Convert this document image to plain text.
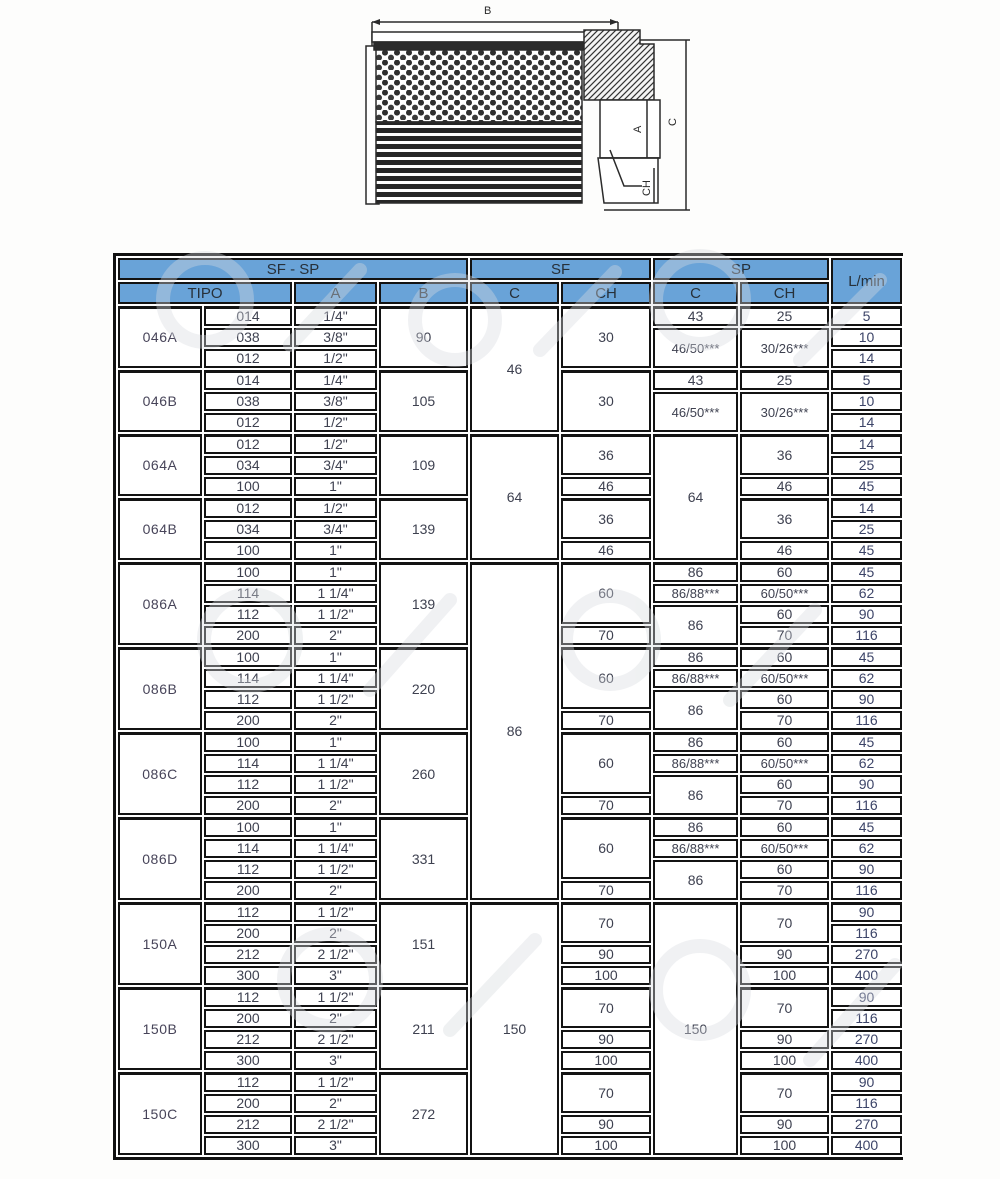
B
A
C
CH
SF - SP				SF		SP		L/min
TIPO		A	B	C	CH	C	CH	
046A	014	1/4"	90	46	30	43	25	5
	038	3/8"				46/50***	30/26***	10
	012	1/2"						14
046B	014	1/4"	105		30	43	25	5
	038	3/8"				46/50***	30/26***	10
	012	1/2"						14
064A	012	1/2"	109	64	36	64	36	14
	034	3/4"						25
	100	1"			46		46	45
064B	012	1/2"	139		36		36	14
	034	3/4"						25
	100	1"			46		46	45
086A	100	1"	139	86	60	86	60	45
	114	1 1/4"				86/88***	60/50***	62
	112	1 1/2"				86	60	90
	200	2"			70		70	116
086B	100	1"	220		60	86	60	45
	114	1 1/4"				86/88***	60/50***	62
	112	1 1/2"				86	60	90
	200	2"			70		70	116
086C	100	1"	260		60	86	60	45
	114	1 1/4"				86/88***	60/50***	62
	112	1 1/2"				86	60	90
	200	2"			70		70	116
086D	100	1"	331		60	86	60	45
	114	1 1/4"				86/88***	60/50***	62
	112	1 1/2"				86	60	90
	200	2"			70		70	116
150A	112	1 1/2"	151	150	70	150	70	90
	200	2"						116
	212	2 1/2"			90		90	270
	300	3"			100		100	400
150B	112	1 1/2"	211		70		70	90
	200	2"						116
	212	2 1/2"			90		90	270
	300	3"			100		100	400
150C	112	1 1/2"	272		70		70	90
	200	2"						116
	212	2 1/2"			90		90	270
	300	3"			100		100	400
